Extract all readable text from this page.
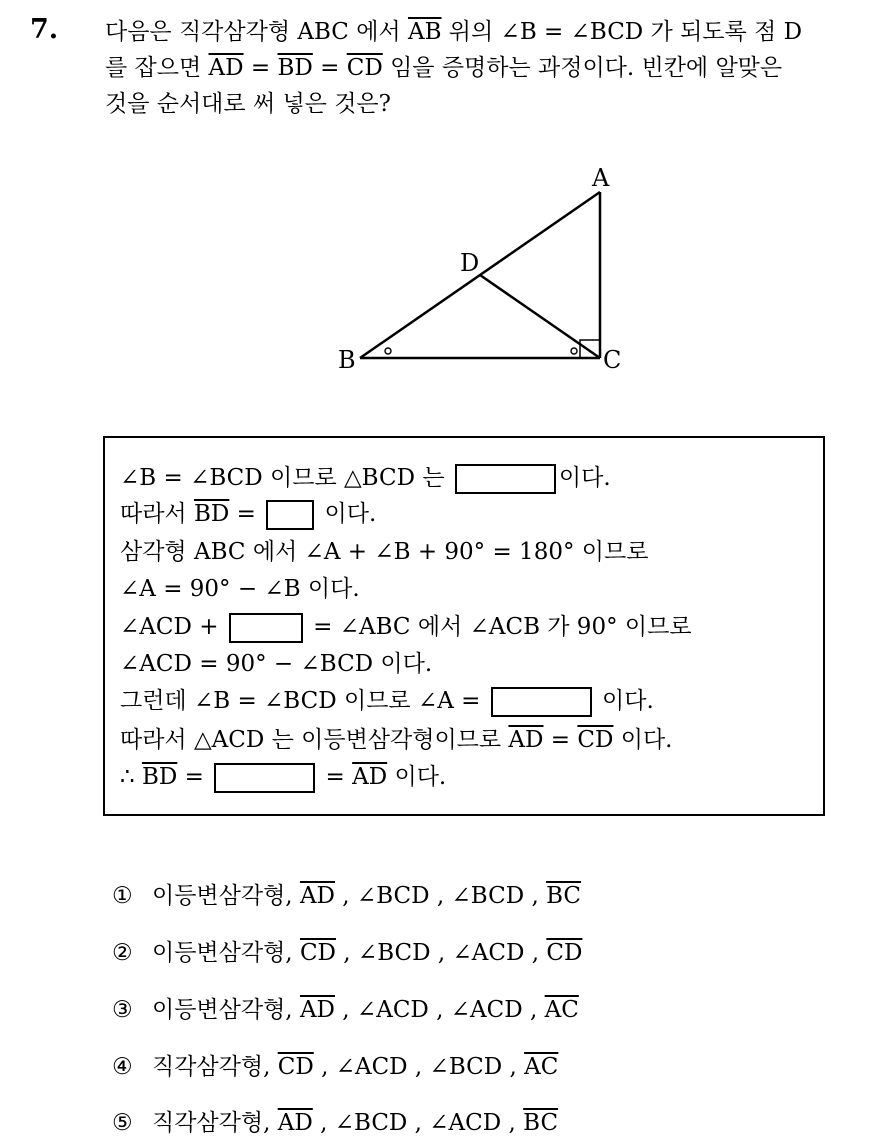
7. 다음은 직각삼각형 ABC 에서 $\overline{AB}$ 위의 ∠B = ∠BCD 가 되도록 점 D
를 잡으면 $\overline{AD} = \overline{BD} = \overline{CD}$ 임을 증명하는 과정이다. 빈칸에 알맞은
것을 순서대로 써 넣은 것은?
A
D
B	C
∠B = ∠BCD 이므로 △BCD 는	이다.
따라서 $\overline{BD}$ =  이다.
삼각형 ABC 에서 ∠A + ∠B + 90° = 180° 이므로
∠A = 90° − ∠B 이다.
∠ACD +	= ∠ABC 에서 ∠ACB 가 90° 이므로
∠ACD = 90° − ∠BCD 이다.
그런데 ∠B = ∠BCD 이므로 ∠A =	이다.
따라서 △ACD 는 이등변삼각형이므로 $\overline{AD} = \overline{CD}$ 이다.
∴ $\overline{BD}$ =	= $\overline{AD}$ 이다.
① 이등변삼각형, $\overline{AD}$ , ∠BCD , ∠BCD , $\overline{BC}$
② 이등변삼각형, $\overline{CD}$ , ∠BCD , ∠ACD , $\overline{CD}$
③ 이등변삼각형, $\overline{AD}$ , ∠ACD , ∠ACD , $\overline{AC}$
④ 직각삼각형, $\overline{CD}$ , ∠ACD , ∠BCD , $\overline{AC}$
⑤ 직각삼각형, $\overline{AD}$ , ∠BCD , ∠ACD , $\overline{BC}$
